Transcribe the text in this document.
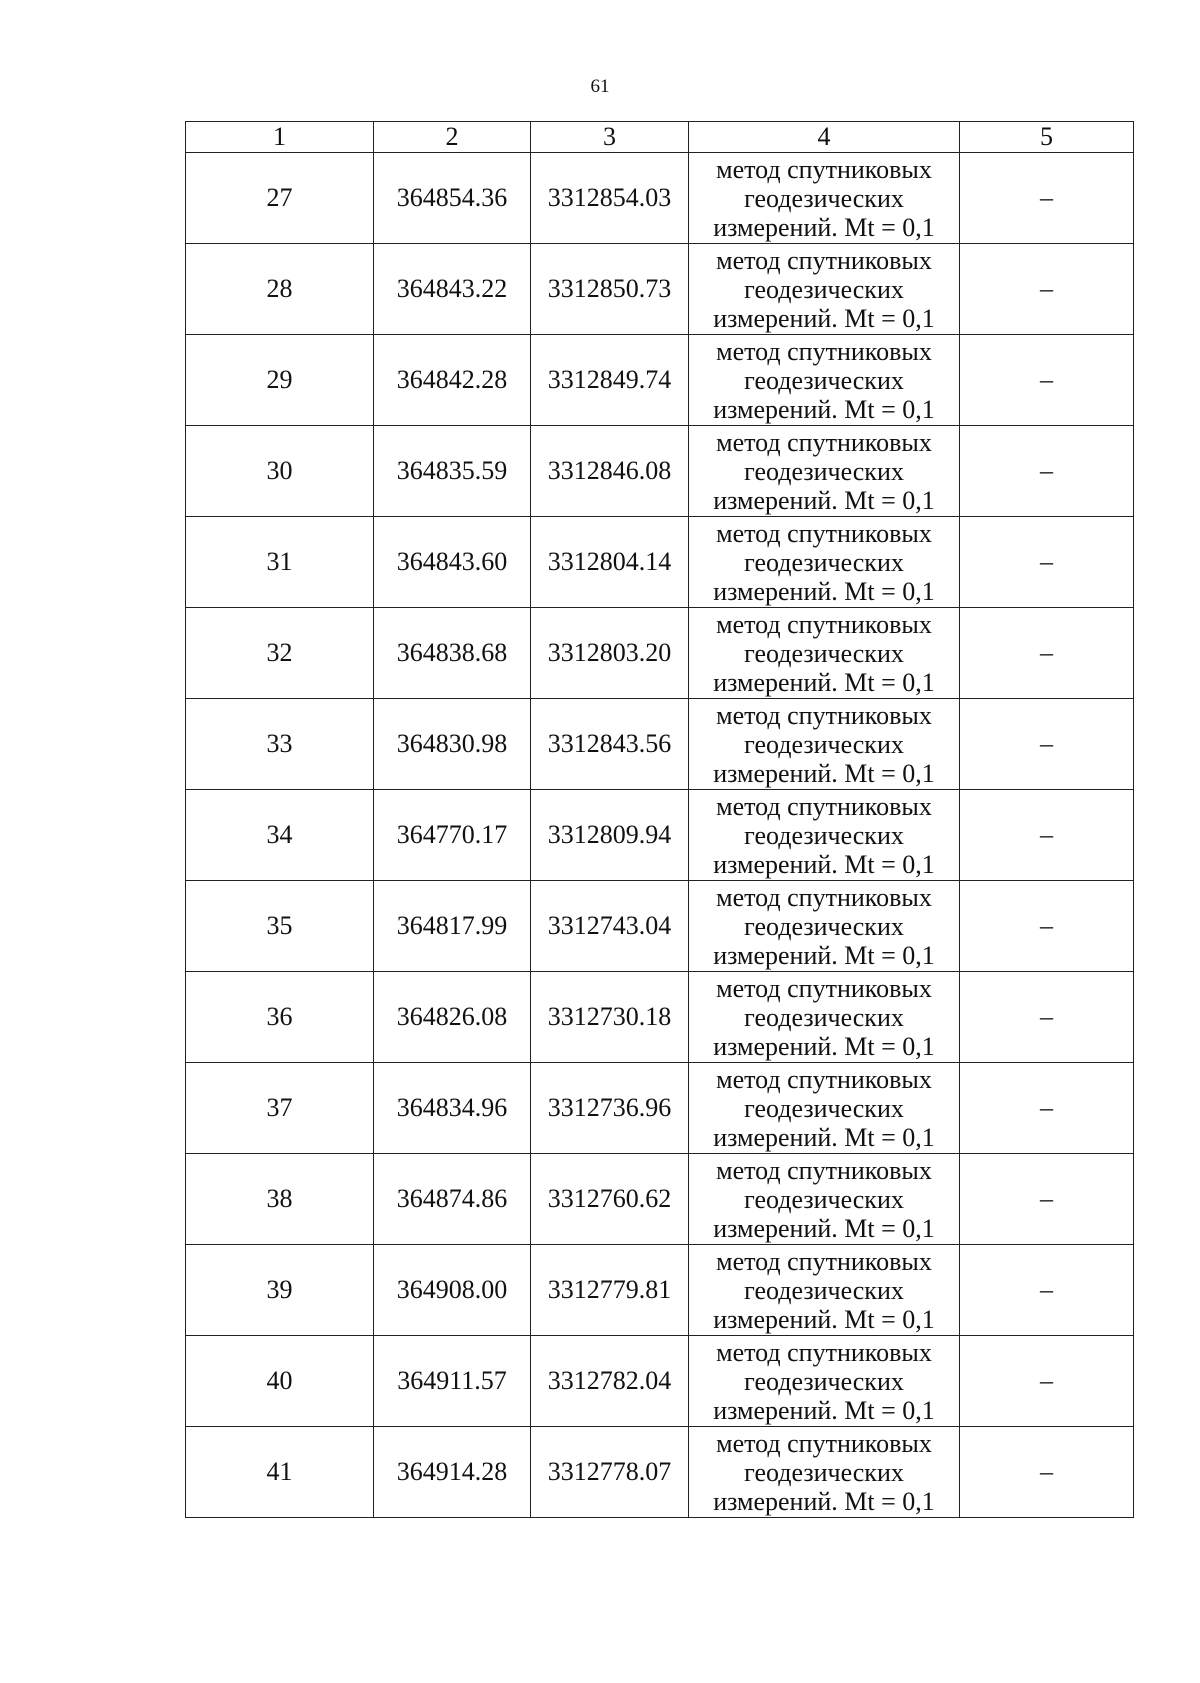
61
1	2	3	4	5
27	364854.36	3312854.03	метод спутниковых
геодезических
измерений. Mt = 0,1	–
28	364843.22	3312850.73	метод спутниковых
геодезических
измерений. Mt = 0,1	–
29	364842.28	3312849.74	метод спутниковых
геодезических
измерений. Mt = 0,1	–
30	364835.59	3312846.08	метод спутниковых
геодезических
измерений. Mt = 0,1	–
31	364843.60	3312804.14	метод спутниковых
геодезических
измерений. Mt = 0,1	–
32	364838.68	3312803.20	метод спутниковых
геодезических
измерений. Mt = 0,1	–
33	364830.98	3312843.56	метод спутниковых
геодезических
измерений. Mt = 0,1	–
34	364770.17	3312809.94	метод спутниковых
геодезических
измерений. Mt = 0,1	–
35	364817.99	3312743.04	метод спутниковых
геодезических
измерений. Mt = 0,1	–
36	364826.08	3312730.18	метод спутниковых
геодезических
измерений. Mt = 0,1	–
37	364834.96	3312736.96	метод спутниковых
геодезических
измерений. Mt = 0,1	–
38	364874.86	3312760.62	метод спутниковых
геодезических
измерений. Mt = 0,1	–
39	364908.00	3312779.81	метод спутниковых
геодезических
измерений. Mt = 0,1	–
40	364911.57	3312782.04	метод спутниковых
геодезических
измерений. Mt = 0,1	–
41	364914.28	3312778.07	метод спутниковых
геодезических
измерений. Mt = 0,1	–
